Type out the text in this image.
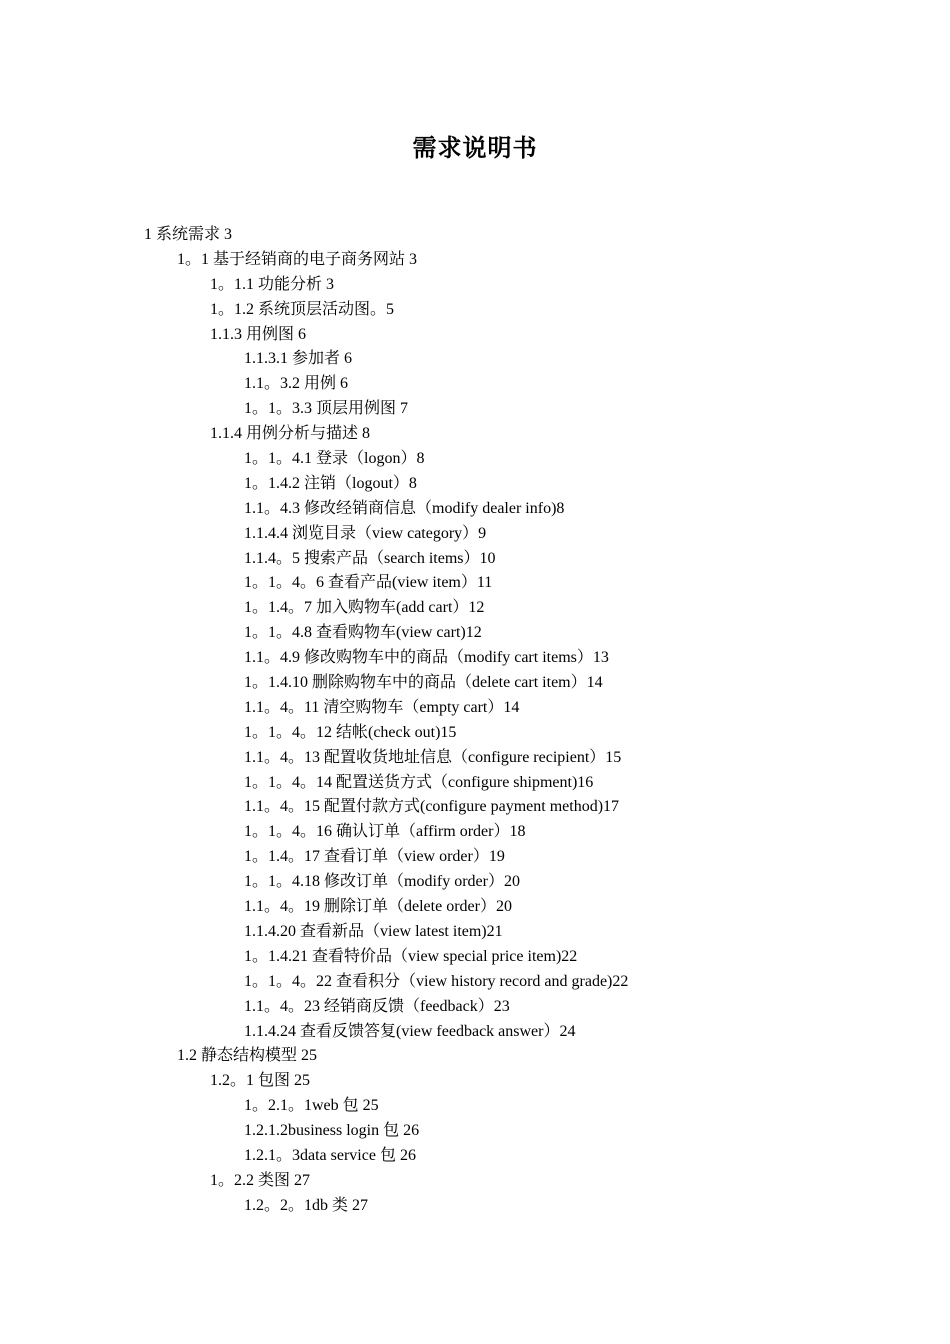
需求说明书
1 系统需求 3
1。1 基于经销商的电子商务网站 3
1。1.1 功能分析 3
1。1.2 系统顶层活动图。5
1.1.3 用例图 6
1.1.3.1 参加者 6
1.1。3.2 用例 6
1。1。3.3 顶层用例图 7
1.1.4 用例分析与描述 8
1。1。4.1 登录（logon）8
1。1.4.2 注销（logout）8
1.1。4.3 修改经销商信息（modify dealer info)8
1.1.4.4 浏览目录（view category）9
1.1.4。5 搜索产品（search items）10
1。1。4。6 查看产品(view item）11
1。1.4。7 加入购物车(add cart）12
1。1。4.8 查看购物车(view cart)12
1.1。4.9 修改购物车中的商品（modify cart items）13
1。1.4.10 删除购物车中的商品（delete cart item）14
1.1。4。11 清空购物车（empty cart）14
1。1。4。12 结帐(check out)15
1.1。4。13 配置收货地址信息（configure recipient）15
1。1。4。14 配置送货方式（configure shipment)16
1.1。4。15 配置付款方式(configure payment method)17
1。1。4。16 确认订单（affirm order）18
1。1.4。17 查看订单（view order）19
1。1。4.18 修改订单（modify order）20
1.1。4。19 删除订单（delete order）20
1.1.4.20 查看新品（view latest item)21
1。1.4.21 查看特价品（view special price item)22
1。1。4。22 查看积分（view history record and grade)22
1.1。4。23 经销商反馈（feedback）23
1.1.4.24 查看反馈答复(view feedback answer）24
1.2 静态结构模型 25
1.2。1 包图 25
1。2.1。1web 包 25
1.2.1.2business login 包 26
1.2.1。3data service 包 26
1。2.2 类图 27
1.2。2。1db 类 27
